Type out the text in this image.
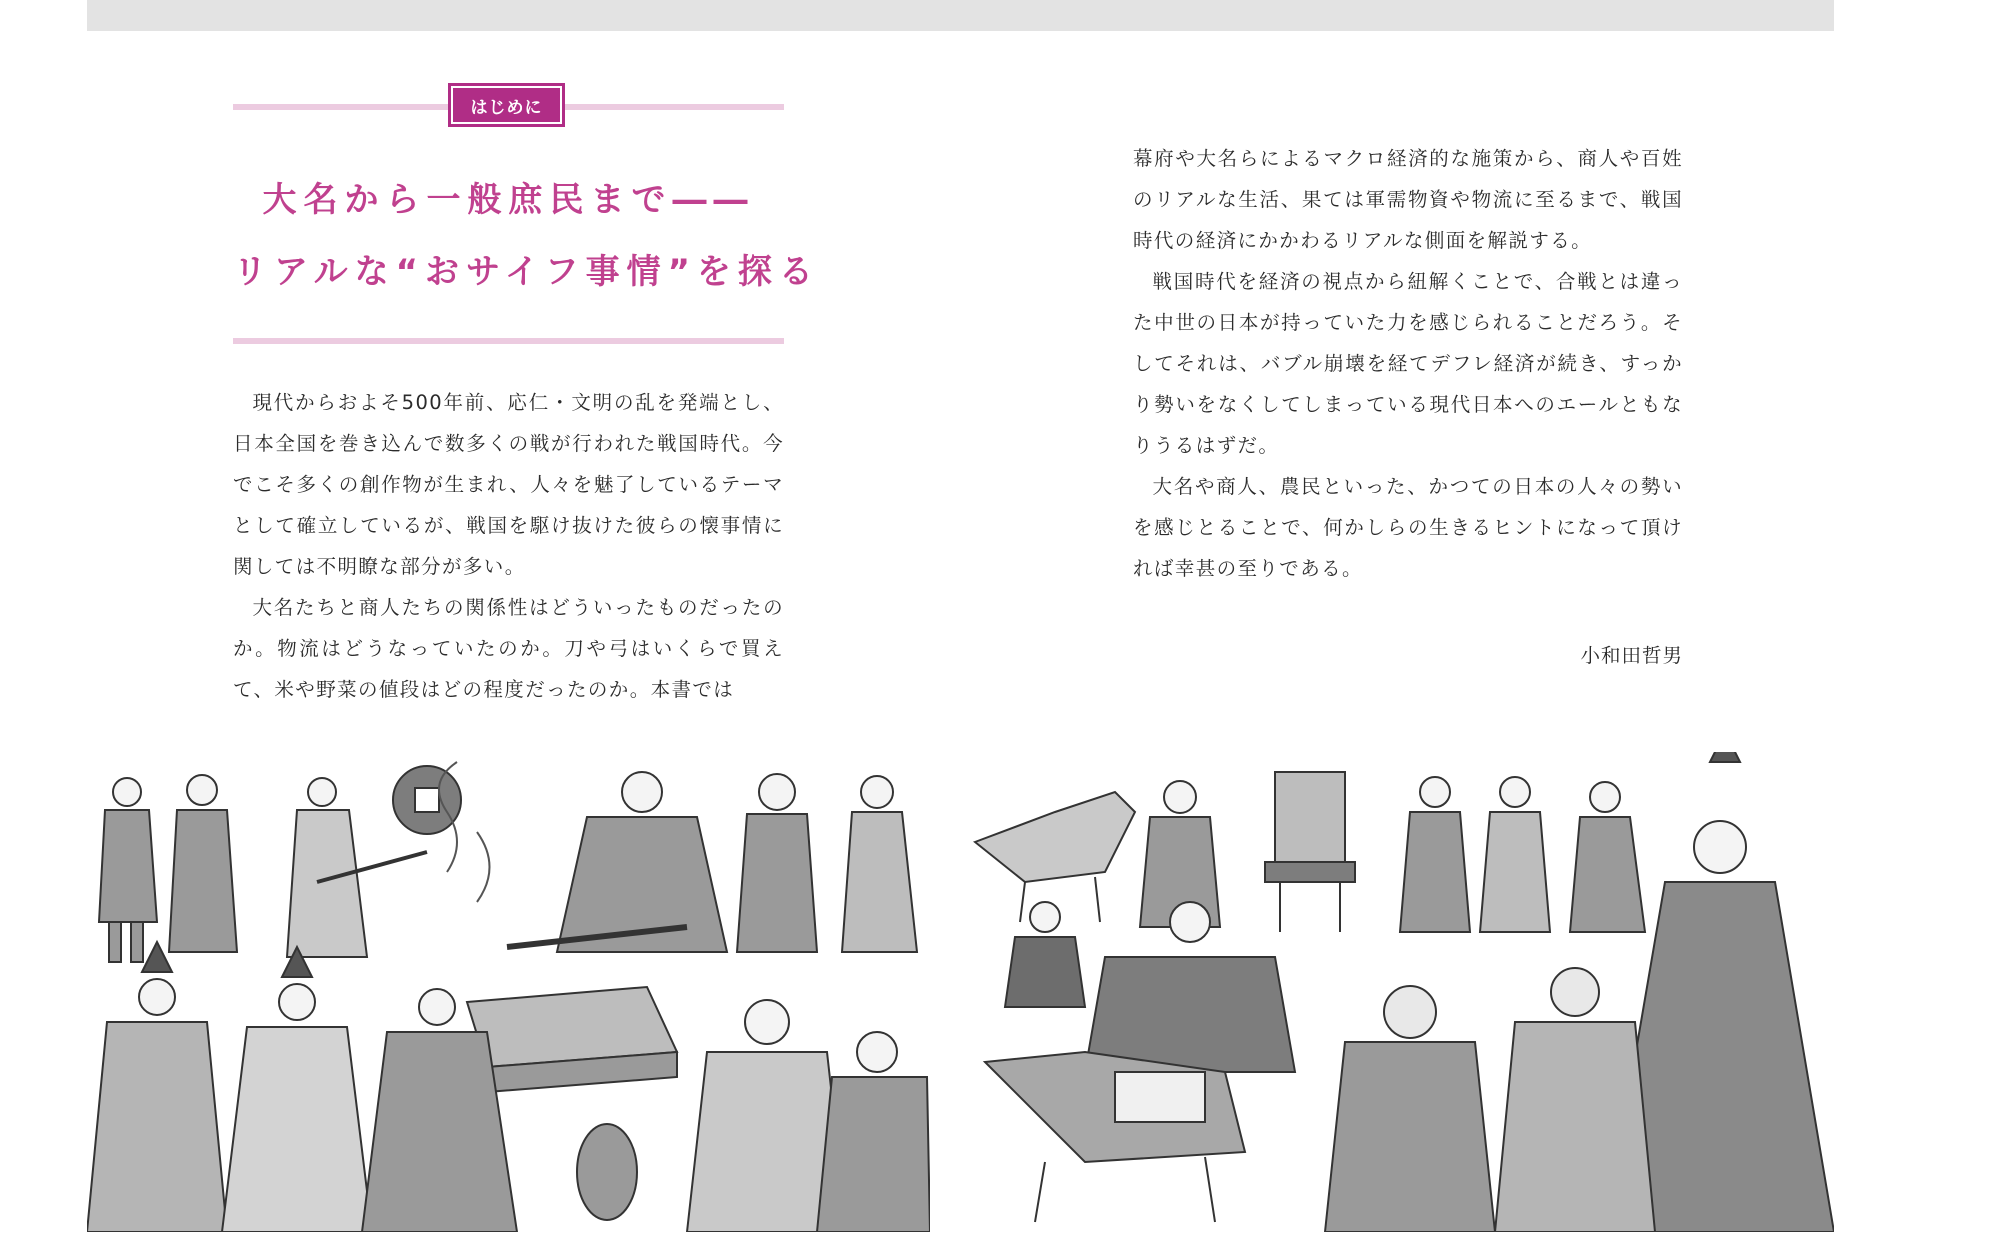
はじめに
大名から一般庶民まで――
リアルな“おサイフ事情”を探る

現代からおよそ500年前、応仁・文明の乱を発端とし、日本全国を巻き込んで数多くの戦が行われた戦国時代。今でこそ多くの創作物が生まれ、人々を魅了しているテーマとして確立しているが、戦国を駆け抜けた彼らの懐事情に関しては不明瞭な部分が多い。

大名たちと商人たちの関係性はどういったものだったのか。物流はどうなっていたのか。刀や弓はいくらで買えて、米や野菜の値段はどの程度だったのか。本書では

幕府や大名らによるマクロ経済的な施策から、商人や百姓のリアルな生活、果ては軍需物資や物流に至るまで、戦国時代の経済にかかわるリアルな側面を解説する。

戦国時代を経済の視点から紐解くことで、合戦とは違った中世の日本が持っていた力を感じられることだろう。そしてそれは、バブル崩壊を経てデフレ経済が続き、すっかり勢いをなくしてしまっている現代日本へのエールともなりうるはずだ。

大名や商人、農民といった、かつての日本の人々の勢いを感じとることで、何かしらの生きるヒントになって頂ければ幸甚の至りである。

小和田哲男
